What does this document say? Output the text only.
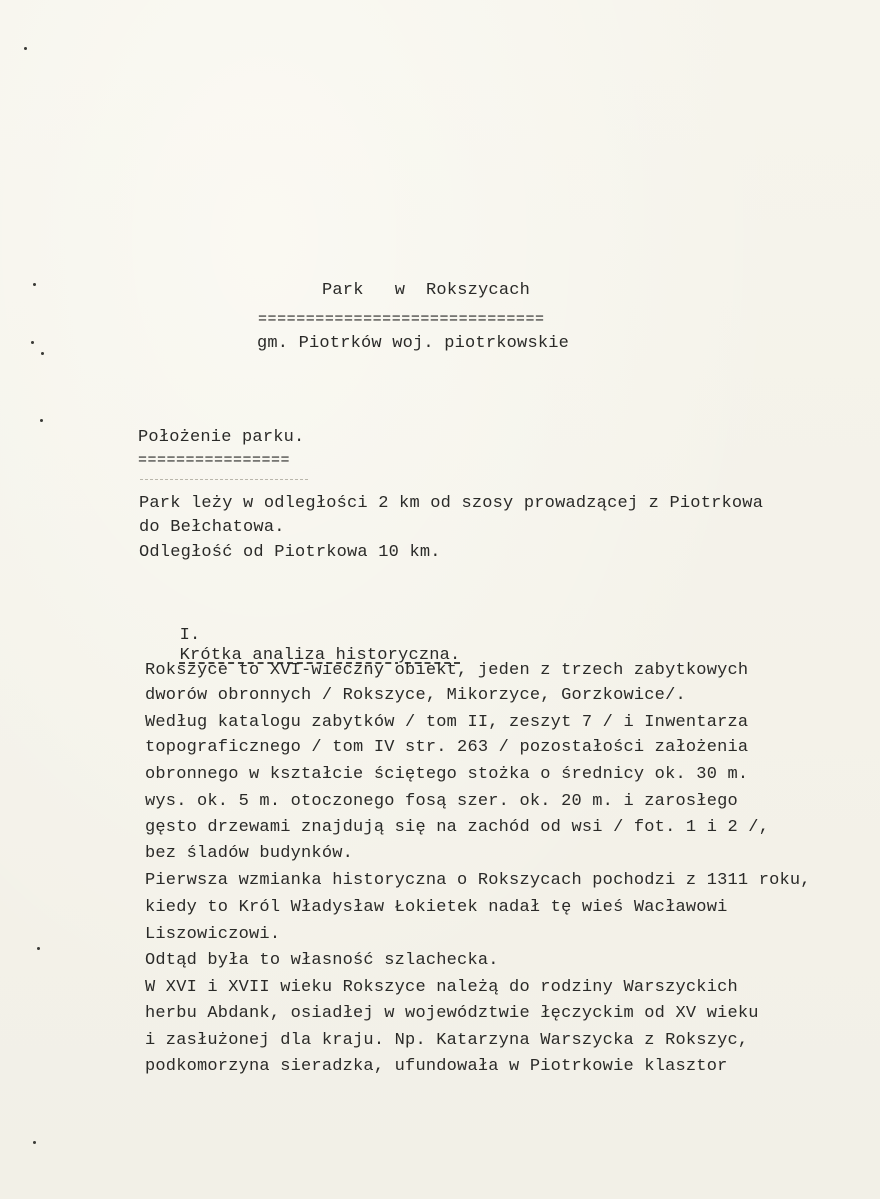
Park   w  Rokszycach
==============================
gm. Piotrków woj. piotrkowskie
Położenie parku.
================
Park leży w odległości 2 km od szosy prowadzącej z Piotrkowa
do Bełchatowa.
Odległość od Piotrkowa 10 km.

I.
Krótka analiza historyczna.

Rokszyce to XVI-wieczny obiekt, jeden z trzech zabytkowych
dworów obronnych / Rokszyce, Mikorzyce, Gorzkowice/.
Według katalogu zabytków / tom II, zeszyt 7 / i Inwentarza
topograficznego / tom IV str. 263 / pozostałości założenia
obronnego w kształcie ściętego stożka o średnicy ok. 30 m.
wys. ok. 5 m. otoczonego fosą szer. ok. 20 m. i zarosłego
gęsto drzewami znajdują się na zachód od wsi / fot. 1 i 2 /,
bez śladów budynków.
Pierwsza wzmianka historyczna o Rokszycach pochodzi z 1311 roku,
kiedy to Król Władysław Łokietek nadał tę wieś Wacławowi
Liszowiczowi.
Odtąd była to własność szlachecka.
W XVI i XVII wieku Rokszyce należą do rodziny Warszyckich
herbu Abdank, osiadłej w województwie łęczyckim od XV wieku
i zasłużonej dla kraju. Np. Katarzyna Warszycka z Rokszyc,
podkomorzyna sieradzka, ufundowała w Piotrkowie klasztor
